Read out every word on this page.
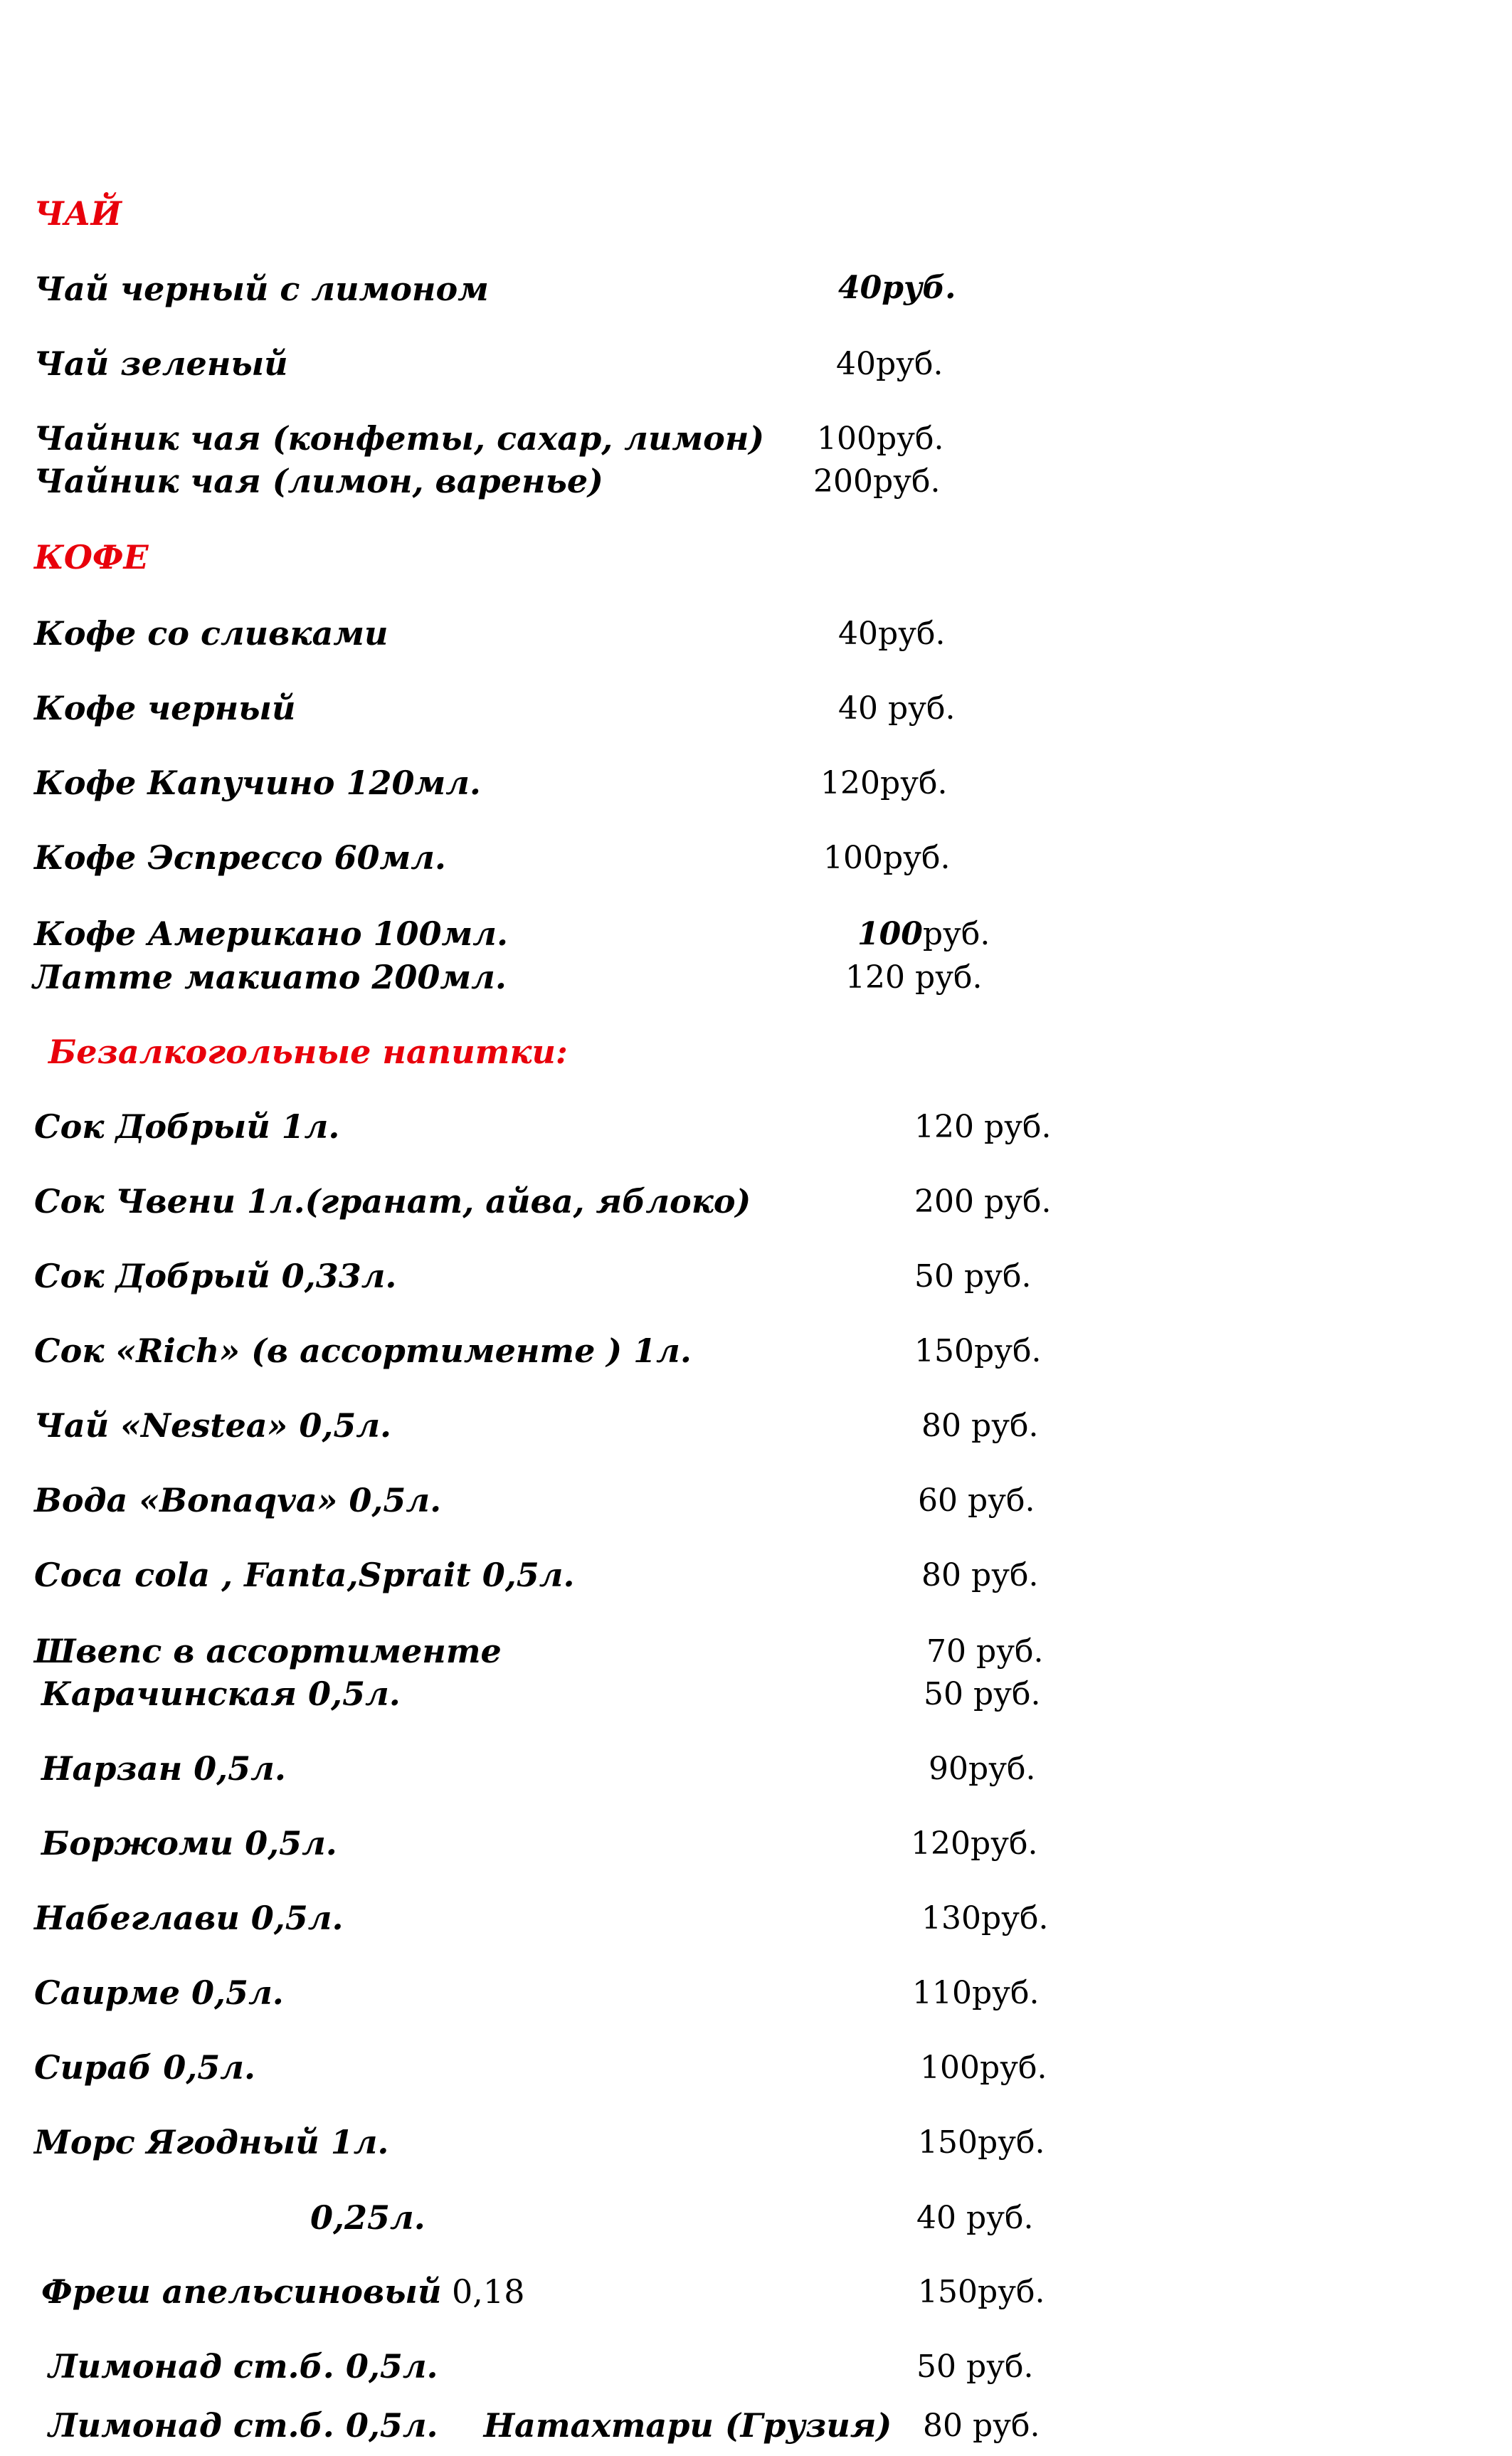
ЧАЙ
Чай черный с лимоном	40руб.
Чай зеленый	40руб.
Чайник чая (конфеты, сахар, лимон) 100руб.
Чайник чая (лимон, варенье)	200руб.
КОФЕ
Кофе со сливками	40руб.
Кофе черный	40 руб.
Кофе Капучино 120мл.	120руб.
Кофе Эспрессо 60мл.	100руб.
Кофе Американо 100мл.	100руб.
Латте макиато 200мл.	120 руб.
Безалкогольные напитки:
Сок Добрый 1л.	120 руб.
Сок Чвени 1л.(гранат, айва, яблоко)	200 руб.
Сок Добрый 0,33л.	50 руб.
Сок «Rich» (в ассортименте ) 1л.	150руб.
Чай «Nestea» 0,5л.	80 руб.
Вода «Bonaqva» 0,5л.	60 руб.
Coca cola , Fanta,Sprait 0,5л.	80 руб.
Швепс в ассортименте	70 руб.
Карачинская 0,5л.	50 руб.
Нарзан 0,5л.	90руб.
Боржоми 0,5л.	120руб.
Набеглави 0,5л.	130руб.
Саирме 0,5л.	110руб.
Сираб 0,5л.	100руб.
Морс Ягодный 1л.	150руб.
0,25л.	40 руб.
Фреш апельсиновый 0,18	150руб.
Лимонад ст.б. 0,5л.	50 руб.
Лимонад ст.б. 0,5л.    Натахтари (Грузия) 80 руб.
